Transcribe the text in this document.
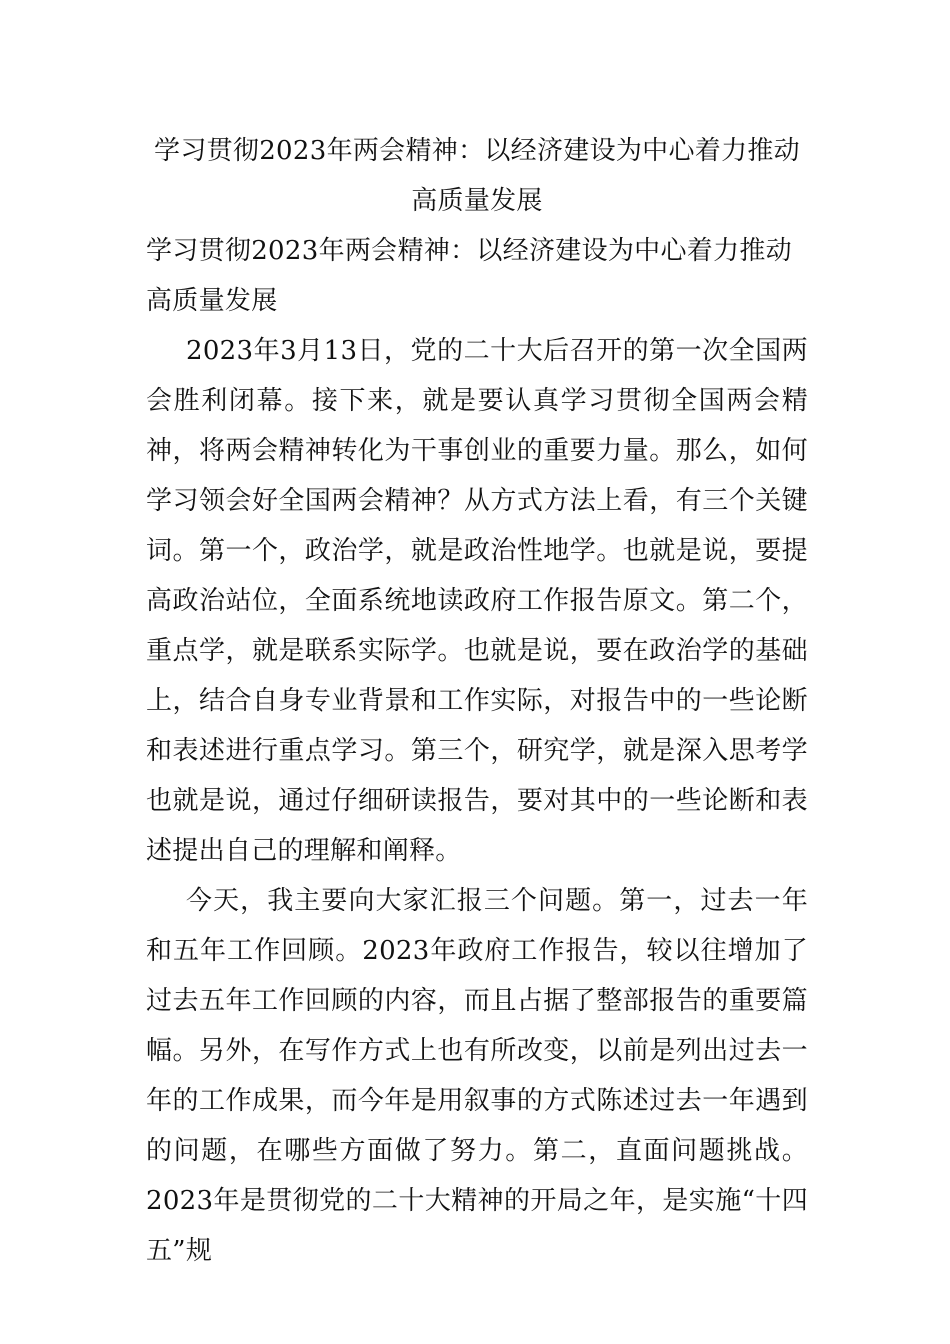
学习贯彻2023年两会精神：以经济建设为中心着力推动高质量发展

学习贯彻2023年两会精神：以经济建设为中心着力推动高质量发展

2023年3月13日，党的二十大后召开的第一次全国两会胜利闭幕。接下来，就是要认真学习贯彻全国两会精神，将两会精神转化为干事创业的重要力量。那么，如何学习领会好全国两会精神？从方式方法上看，有三个关键词。第一个，政治学，就是政治性地学。也就是说，要提高政治站位，全面系统地读政府工作报告原文。第二个，重点学，就是联系实际学。也就是说，要在政治学的基础上，结合自身专业背景和工作实际，对报告中的一些论断和表述进行重点学习。第三个，研究学，就是深入思考学也就是说，通过仔细研读报告，要对其中的一些论断和表述提出自己的理解和阐释。

今天，我主要向大家汇报三个问题。第一，过去一年和五年工作回顾。2023年政府工作报告，较以往增加了过去五年工作回顾的内容，而且占据了整部报告的重要篇幅。另外，在写作方式上也有所改变，以前是列出过去一年的工作成果，而今年是用叙事的方式陈述过去一年遇到的问题，在哪些方面做了努力。第二，直面问题挑战。2023年是贯彻党的二十大精神的开局之年，是实施“十四五”规
